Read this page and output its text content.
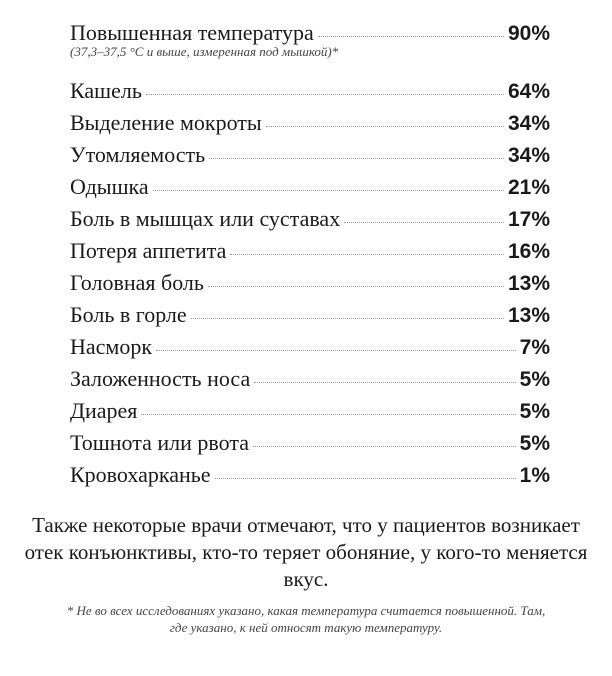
Повышенная температура	90%
(37,3–37,5 °C и выше, измеренная под мышкой)*
Кашель	64%
Выделение мокроты	34%
Утомляемость	34%
Одышка	21%
Боль в мышцах или суставах	17%
Потеря аппетита	16%
Головная боль	13%
Боль в горле	13%
Насморк	7%
Заложенность носа	5%
Диарея	5%
Тошнота или рвота	5%
Кровохарканье	1%
Также некоторые врачи отмечают, что у пациентов возникает отек конъюнктивы, кто-то теряет обоняние, у кого-то меняется вкус.
* Не во всех исследованиях указано, какая температура считается повышенной. Там, где указано, к ней относят такую температуру.
